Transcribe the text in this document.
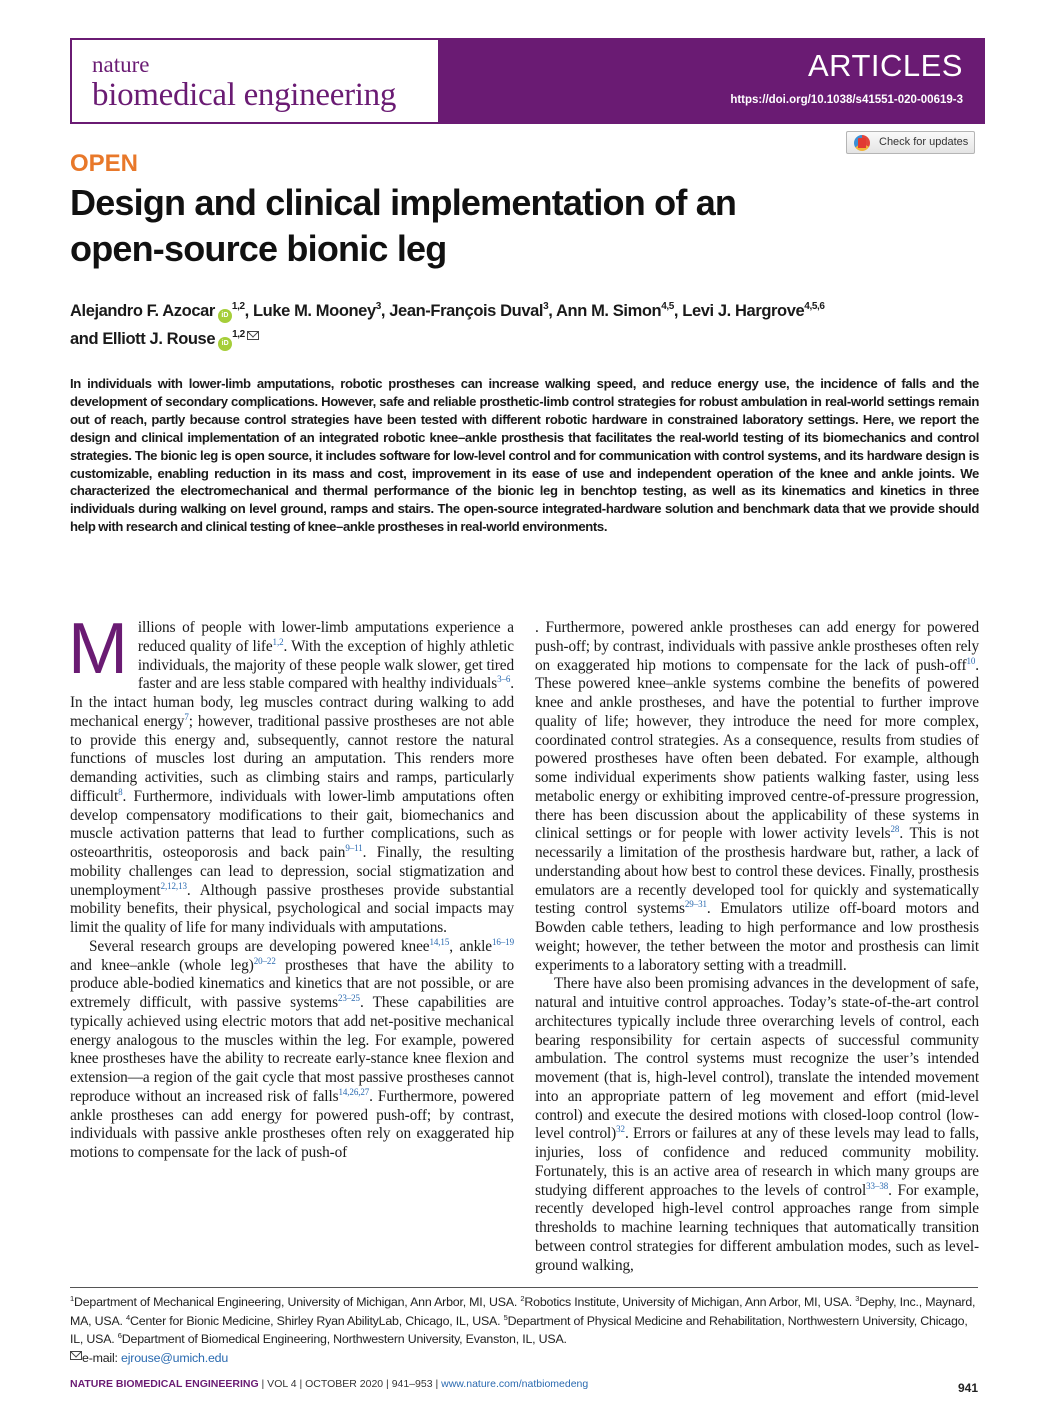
nature
biomedical engineering
ARTICLES
https://doi.org/10.1038/s41551-020-00619-3
Check for updates
OPEN
Design and clinical implementation of an open-source bionic leg
Alejandro F. Azocar iD$^{1,2}$, Luke M. Mooney$^3$, Jean-François Duval$^3$, Ann M. Simon$^{4,5}$, Levi J. Hargrove$^{4,5,6}$
and Elliott J. Rouse iD$^{1,2}$

In individuals with lower-limb amputations, robotic prostheses can increase walking speed, and reduce energy use, the incidence of falls and the development of secondary complications. However, safe and reliable prosthetic-limb control strategies for robust ambulation in real-world settings remain out of reach, partly because control strategies have been tested with different robotic hardware in constrained laboratory settings. Here, we report the design and clinical implementation of an integrated robotic knee–ankle prosthesis that facilitates the real-world testing of its biomechanics and control strategies. The bionic leg is open source, it includes software for low-level control and for communication with control systems, and its hardware design is customizable, enabling reduction in its mass and cost, improvement in its ease of use and independent operation of the knee and ankle joints. We characterized the electromechanical and thermal performance of the bionic leg in benchtop testing, as well as its kinematics and kinetics in three individuals during walking on level ground, ramps and stairs. The open-source integrated-hardware solution and benchmark data that we provide should help with research and clinical testing of knee–ankle prostheses in real-world environments.

Millions of people with lower-limb amputations experience a reduced quality of life$^{1,2}$. With the exception of highly athletic individuals, the majority of these people walk slower, get tired faster and are less stable compared with healthy individuals$^{3-6}$. In the intact human body, leg muscles contract during walking to add mechanical energy$^7$; however, traditional passive prostheses are not able to provide this energy and, subsequently, cannot restore the natural functions of muscles lost during an amputation. This renders more demanding activities, such as climbing stairs and ramps, particularly difficult$^8$. Furthermore, individuals with lower-limb amputations often develop compensatory modifications to their gait, biomechanics and muscle activation patterns that lead to further complications, such as osteoarthritis, osteoporosis and back pain$^{9-11}$. Finally, the resulting mobility challenges can lead to depression, social stigmatization and unemployment$^{2,12,13}$. Although passive prostheses provide substantial mobility benefits, their physical, psychological and social impacts may limit the quality of life for many individuals with amputations.

Several research groups are developing powered knee$^{14,15}$, ankle$^{16-19}$ and knee–ankle (whole leg)$^{20-22}$ prostheses that have the ability to produce able-bodied kinematics and kinetics that are not possible, or are extremely difficult, with passive systems$^{23-25}$. These capabilities are typically achieved using electric motors that add net-positive mechanical energy analogous to the muscles within the leg. For example, powered knee prostheses have the ability to recreate early-stance knee flexion and extension—a region of the gait cycle that most passive prostheses cannot reproduce without an increased risk of falls$^{14,26,27}$. Furthermore, powered ankle prostheses can add energy for powered push-off; by contrast, individuals with passive ankle prostheses often rely on exaggerated hip motions to compensate for the lack of push-of

. Furthermore, powered ankle prostheses can add energy for powered push-off; by contrast, individuals with passive ankle prostheses often rely on exaggerated hip motions to compensate for the lack of push-off$^{10}$. These powered knee–ankle systems combine the benefits of powered knee and ankle prostheses, and have the potential to further improve quality of life; however, they introduce the need for more complex, coordinated control strategies. As a consequence, results from studies of powered prostheses have often been debated. For example, although some individual experiments show patients walking faster, using less metabolic energy or exhibiting improved centre-of-pressure progression, there has been discussion about the applicability of these systems in clinical settings or for people with lower activity levels$^{28}$. This is not necessarily a limitation of the prosthesis hardware but, rather, a lack of understanding about how best to control these devices. Finally, prosthesis emulators are a recently developed tool for quickly and systematically testing control systems$^{29-31}$. Emulators utilize off-board motors and Bowden cable tethers, leading to high performance and low prosthesis weight; however, the tether between the motor and prosthesis can limit experiments to a laboratory setting with a treadmill.

There have also been promising advances in the development of safe, natural and intuitive control approaches. Today’s state-of-the-art control architectures typically include three overarching levels of control, each bearing responsibility for certain aspects of successful community ambulation. The control systems must recognize the user’s intended movement (that is, high-level control), translate the intended movement into an appropriate pattern of leg movement and effort (mid-level control) and execute the desired motions with closed-loop control (low-level control)$^{32}$. Errors or failures at any of these levels may lead to falls, injuries, loss of confidence and reduced community mobility. Fortunately, this is an active area of research in which many groups are studying different approaches to the levels of control$^{33-38}$. For example, recently developed high-level control approaches range from simple thresholds to machine learning techniques that automatically transition between control strategies for different ambulation modes, such as level-ground walking,

$^1$Department of Mechanical Engineering, University of Michigan, Ann Arbor, MI, USA. $^2$Robotics Institute, University of Michigan, Ann Arbor, MI, USA. $^3$Dephy, Inc., Maynard, MA, USA. $^4$Center for Bionic Medicine, Shirley Ryan AbilityLab, Chicago, IL, USA. $^5$Department of Physical Medicine and Rehabilitation, Northwestern University, Chicago, IL, USA. $^6$Department of Biomedical Engineering, Northwestern University, Evanston, IL, USA.
e-mail: ejrouse@umich.edu
NATURE BIOMEDICAL ENGINEERING | VOL 4 | OCTOBER 2020 | 941–953 | www.nature.com/natbiomedeng	941
